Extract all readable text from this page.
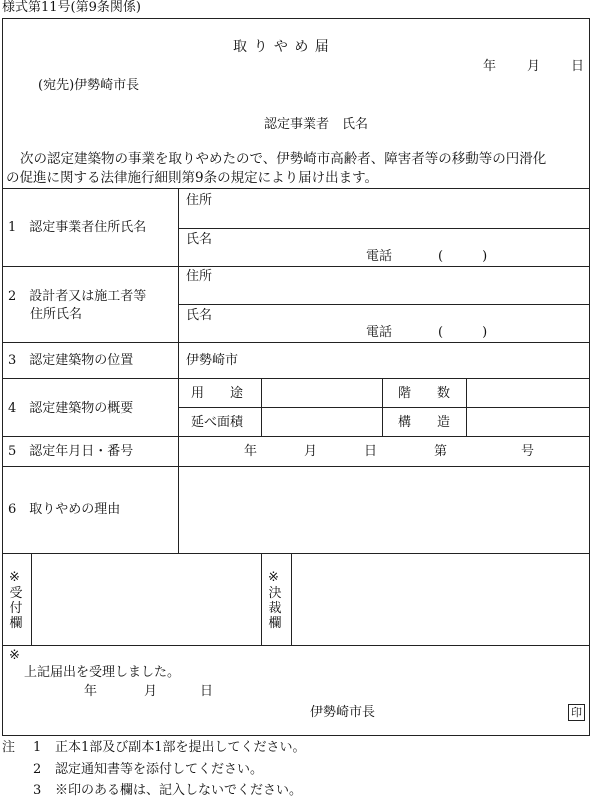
様式第11号(第9条関係)
取 り や め 届
年 月 日
(宛先)伊勢崎市長
認定事業者　氏名
次の認定建築物の事業を取りやめたので、伊勢崎市高齢者、障害者等の移動等の円滑化
の促進に関する法律施行細則第9条の規定により届け出ます。
1　認定事業者住所氏名
住所
氏名
電話	(　　　)
2　設計者又は施工者等
住所氏名
住所
氏名
電話	(　　　)
3　認定建築物の位置	伊勢崎市
4　認定建築物の概要
用　　途	階　　数
延べ面積	構　　造
5　認定年月日・番号	年	月	日	第	号
6　取りやめの理由
※
受付欄
※
決裁欄
※
上記届出を受理しました。
年	月	日
伊勢崎市長	印
注 1 正本1部及び副本1部を提出してください。
2 認定通知書等を添付してください。
3 ※印のある欄は、記入しないでください。
